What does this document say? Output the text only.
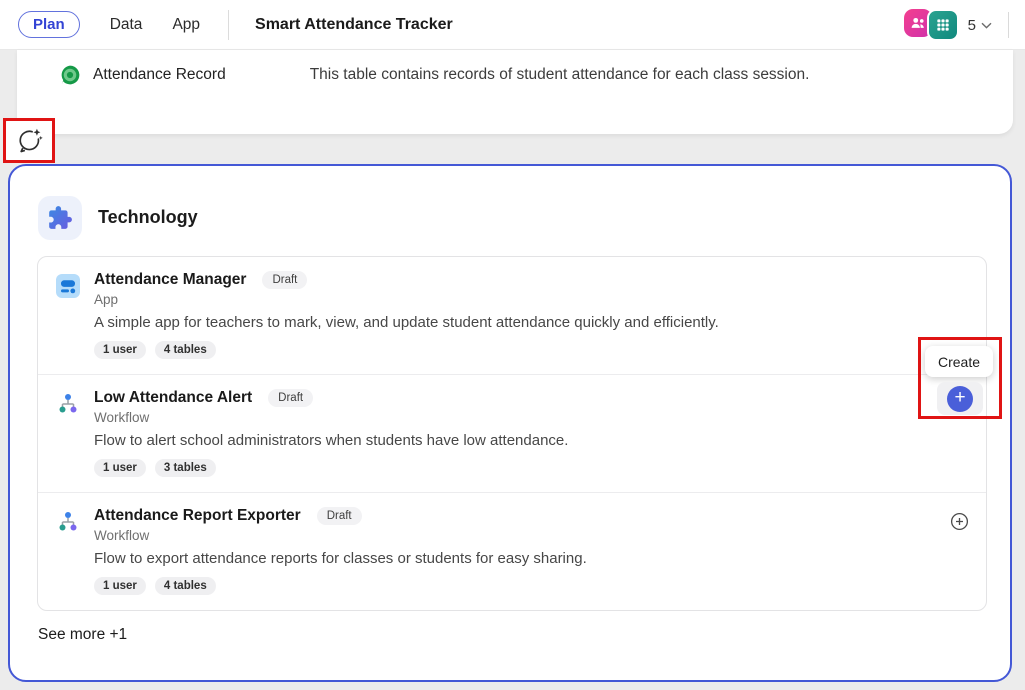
Plan	Data App	Smart Attendance Tracker	5
Attendance Record	This table contains records of student attendance for each class session.
Technology
Attendance Manager	Draft
App
A simple app for teachers to mark, view, and update student attendance quickly and efficiently.
1 user	4 tables
Low Attendance Alert	Draft
Workflow
Flow to alert school administrators when students have low attendance.
1 user	3 tables
Attendance Report Exporter	Draft
Workflow
Flow to export attendance reports for classes or students for easy sharing.
1 user	4 tables
See more +1
Create
+
